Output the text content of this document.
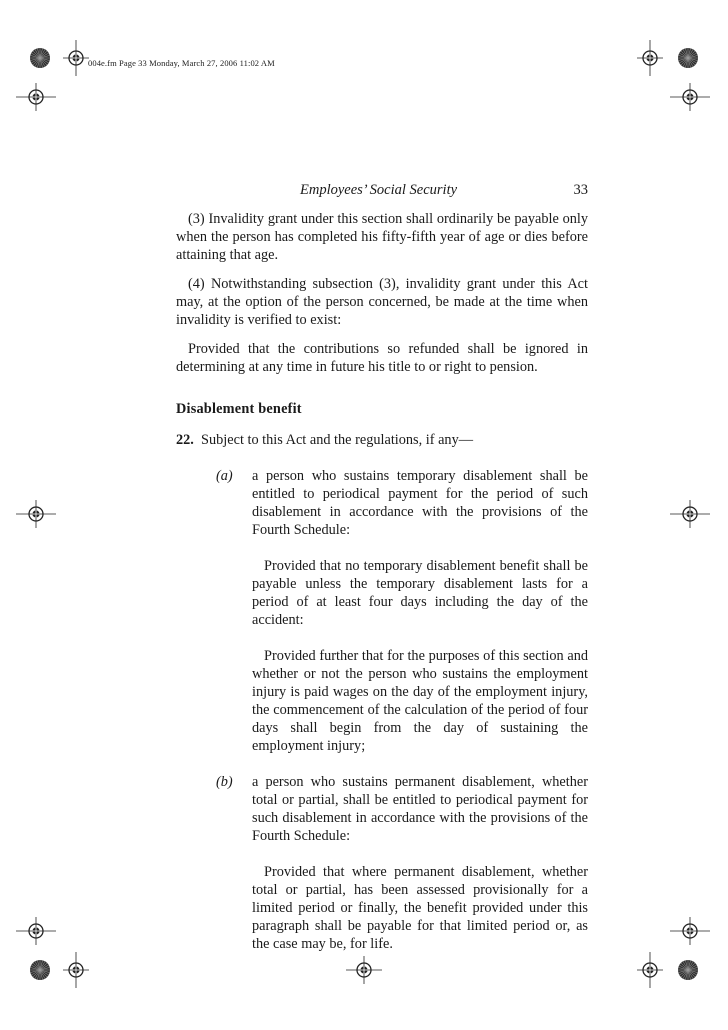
004e.fm Page 33 Monday, March 27, 2006 11:02 AM
Employees’ Social Security	33

(3) Invalidity grant under this section shall ordinarily be payable only when the person has completed his fifty-fifth year of age or dies before attaining that age.

(4) Notwithstanding subsection (3), invalidity grant under this Act may, at the option of the person concerned, be made at the time when invalidity is verified to exist:

Provided that the contributions so refunded shall be ignored in determining at any time in future his title to or right to pension.

Disablement benefit

22. Subject to this Act and the regulations, if any—

(a)	a person who sustains temporary disablement shall be entitled to periodical payment for the period of such disablement in accordance with the provisions of the Fourth Schedule:

Provided that no temporary disablement benefit shall be payable unless the temporary disablement lasts for a period of at least four days including the day of the accident:

Provided further that for the purposes of this section and whether or not the person who sustains the employment injury is paid wages on the day of the employment injury, the commencement of the calculation of the period of four days shall begin from the day of sustaining the employment injury;

(b)	a person who sustains permanent disablement, whether total or partial, shall be entitled to periodical payment for such disablement in accordance with the provisions of the Fourth Schedule:

Provided that where permanent disablement, whether total or partial, has been assessed provisionally for a limited period or finally, the benefit provided under this paragraph shall be payable for that limited period or, as the case may be, for life.
